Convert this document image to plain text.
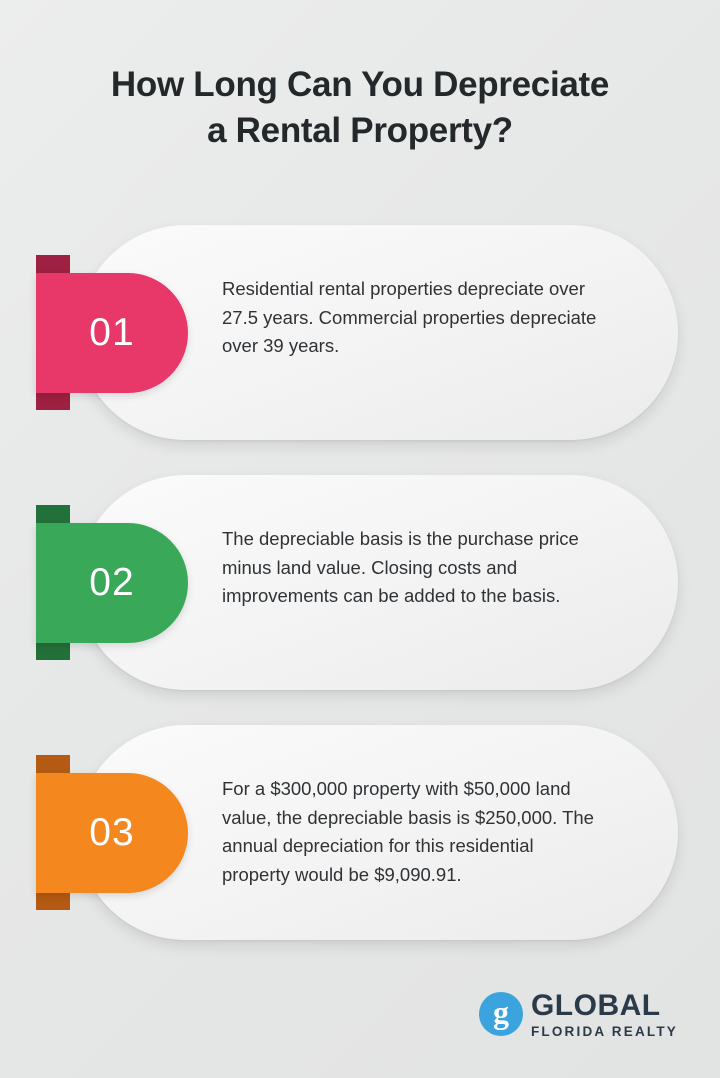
How Long Can You Depreciate
a Rental Property?
01
Residential rental properties depreciate over 27.5 years. Commercial properties depreciate over 39 years.
02
The depreciable basis is the purchase price minus land value. Closing costs and improvements can be added to the basis.
03
For a $300,000 property with $50,000 land value, the depreciable basis is $250,000. The annual depreciation for this residential property would be $9,090.91.
g GLOBAL
FLORIDA REALTY
